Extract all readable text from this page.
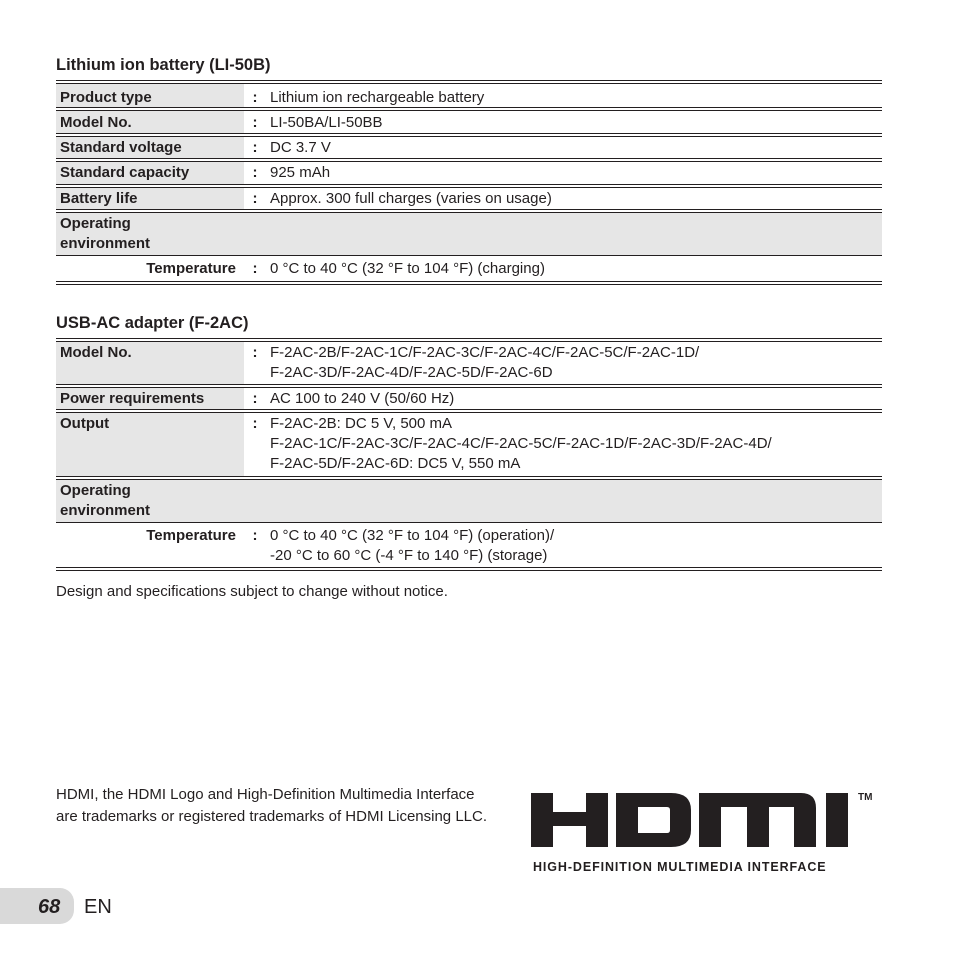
Lithium ion battery (LI-50B)
Product type	: Lithium ion rechargeable battery
Model No.	: LI-50BA/LI-50BB
Standard voltage	: DC 3.7 V
Standard capacity	: 925 mAh
Battery life	: Approx. 300 full charges (varies on usage)
Operating
environment
Temperature	: 0 °C to 40 °C (32 °F to 104 °F) (charging)
USB-AC adapter (F-2AC)
Model No.	: F-2AC-2B/F-2AC-1C/F-2AC-3C/F-2AC-4C/F-2AC-5C/F-2AC-1D/
F-2AC-3D/F-2AC-4D/F-2AC-5D/F-2AC-6D
Power requirements	: AC 100 to 240 V (50/60 Hz)
Output	: F-2AC-2B: DC 5 V, 500 mA
F-2AC-1C/F-2AC-3C/F-2AC-4C/F-2AC-5C/F-2AC-1D/F-2AC-3D/F-2AC-4D/
F-2AC-5D/F-2AC-6D: DC5 V, 550 mA
Operating
environment
Temperature	: 0 °C to 40 °C (32 °F to 104 °F) (operation)/
-20 °C to 60 °C (-4 °F to 140 °F) (storage)
Design and specifications subject to change without notice.
HDMI, the HDMI Logo and High-Definition Multimedia Interface are trademarks or registered trademarks of HDMI Licensing LLC.
TM
HIGH-DEFINITION MULTIMEDIA INTERFACE
68 EN
